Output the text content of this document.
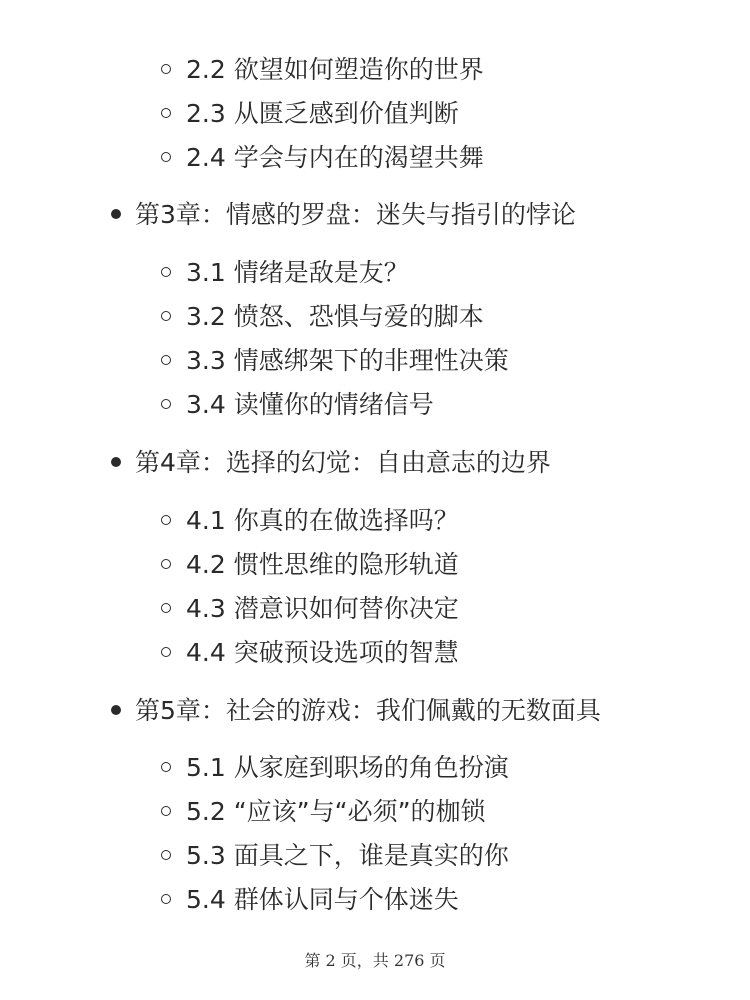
2.2 欲望如何塑造你的世界
2.3 从匮乏感到价值判断
2.4 学会与内在的渴望共舞
第3章：情感的罗盘：迷失与指引的悖论
3.1 情绪是敌是友？
3.2 愤怒、恐惧与爱的脚本
3.3 情感绑架下的非理性决策
3.4 读懂你的情绪信号
第4章：选择的幻觉：自由意志的边界
4.1 你真的在做选择吗？
4.2 惯性思维的隐形轨道
4.3 潜意识如何替你决定
4.4 突破预设选项的智慧
第5章：社会的游戏：我们佩戴的无数面具
5.1 从家庭到职场的角色扮演
5.2 “应该”与“必须”的枷锁
5.3 面具之下，谁是真实的你
5.4 群体认同与个体迷失
第 2 页，共 276 页
